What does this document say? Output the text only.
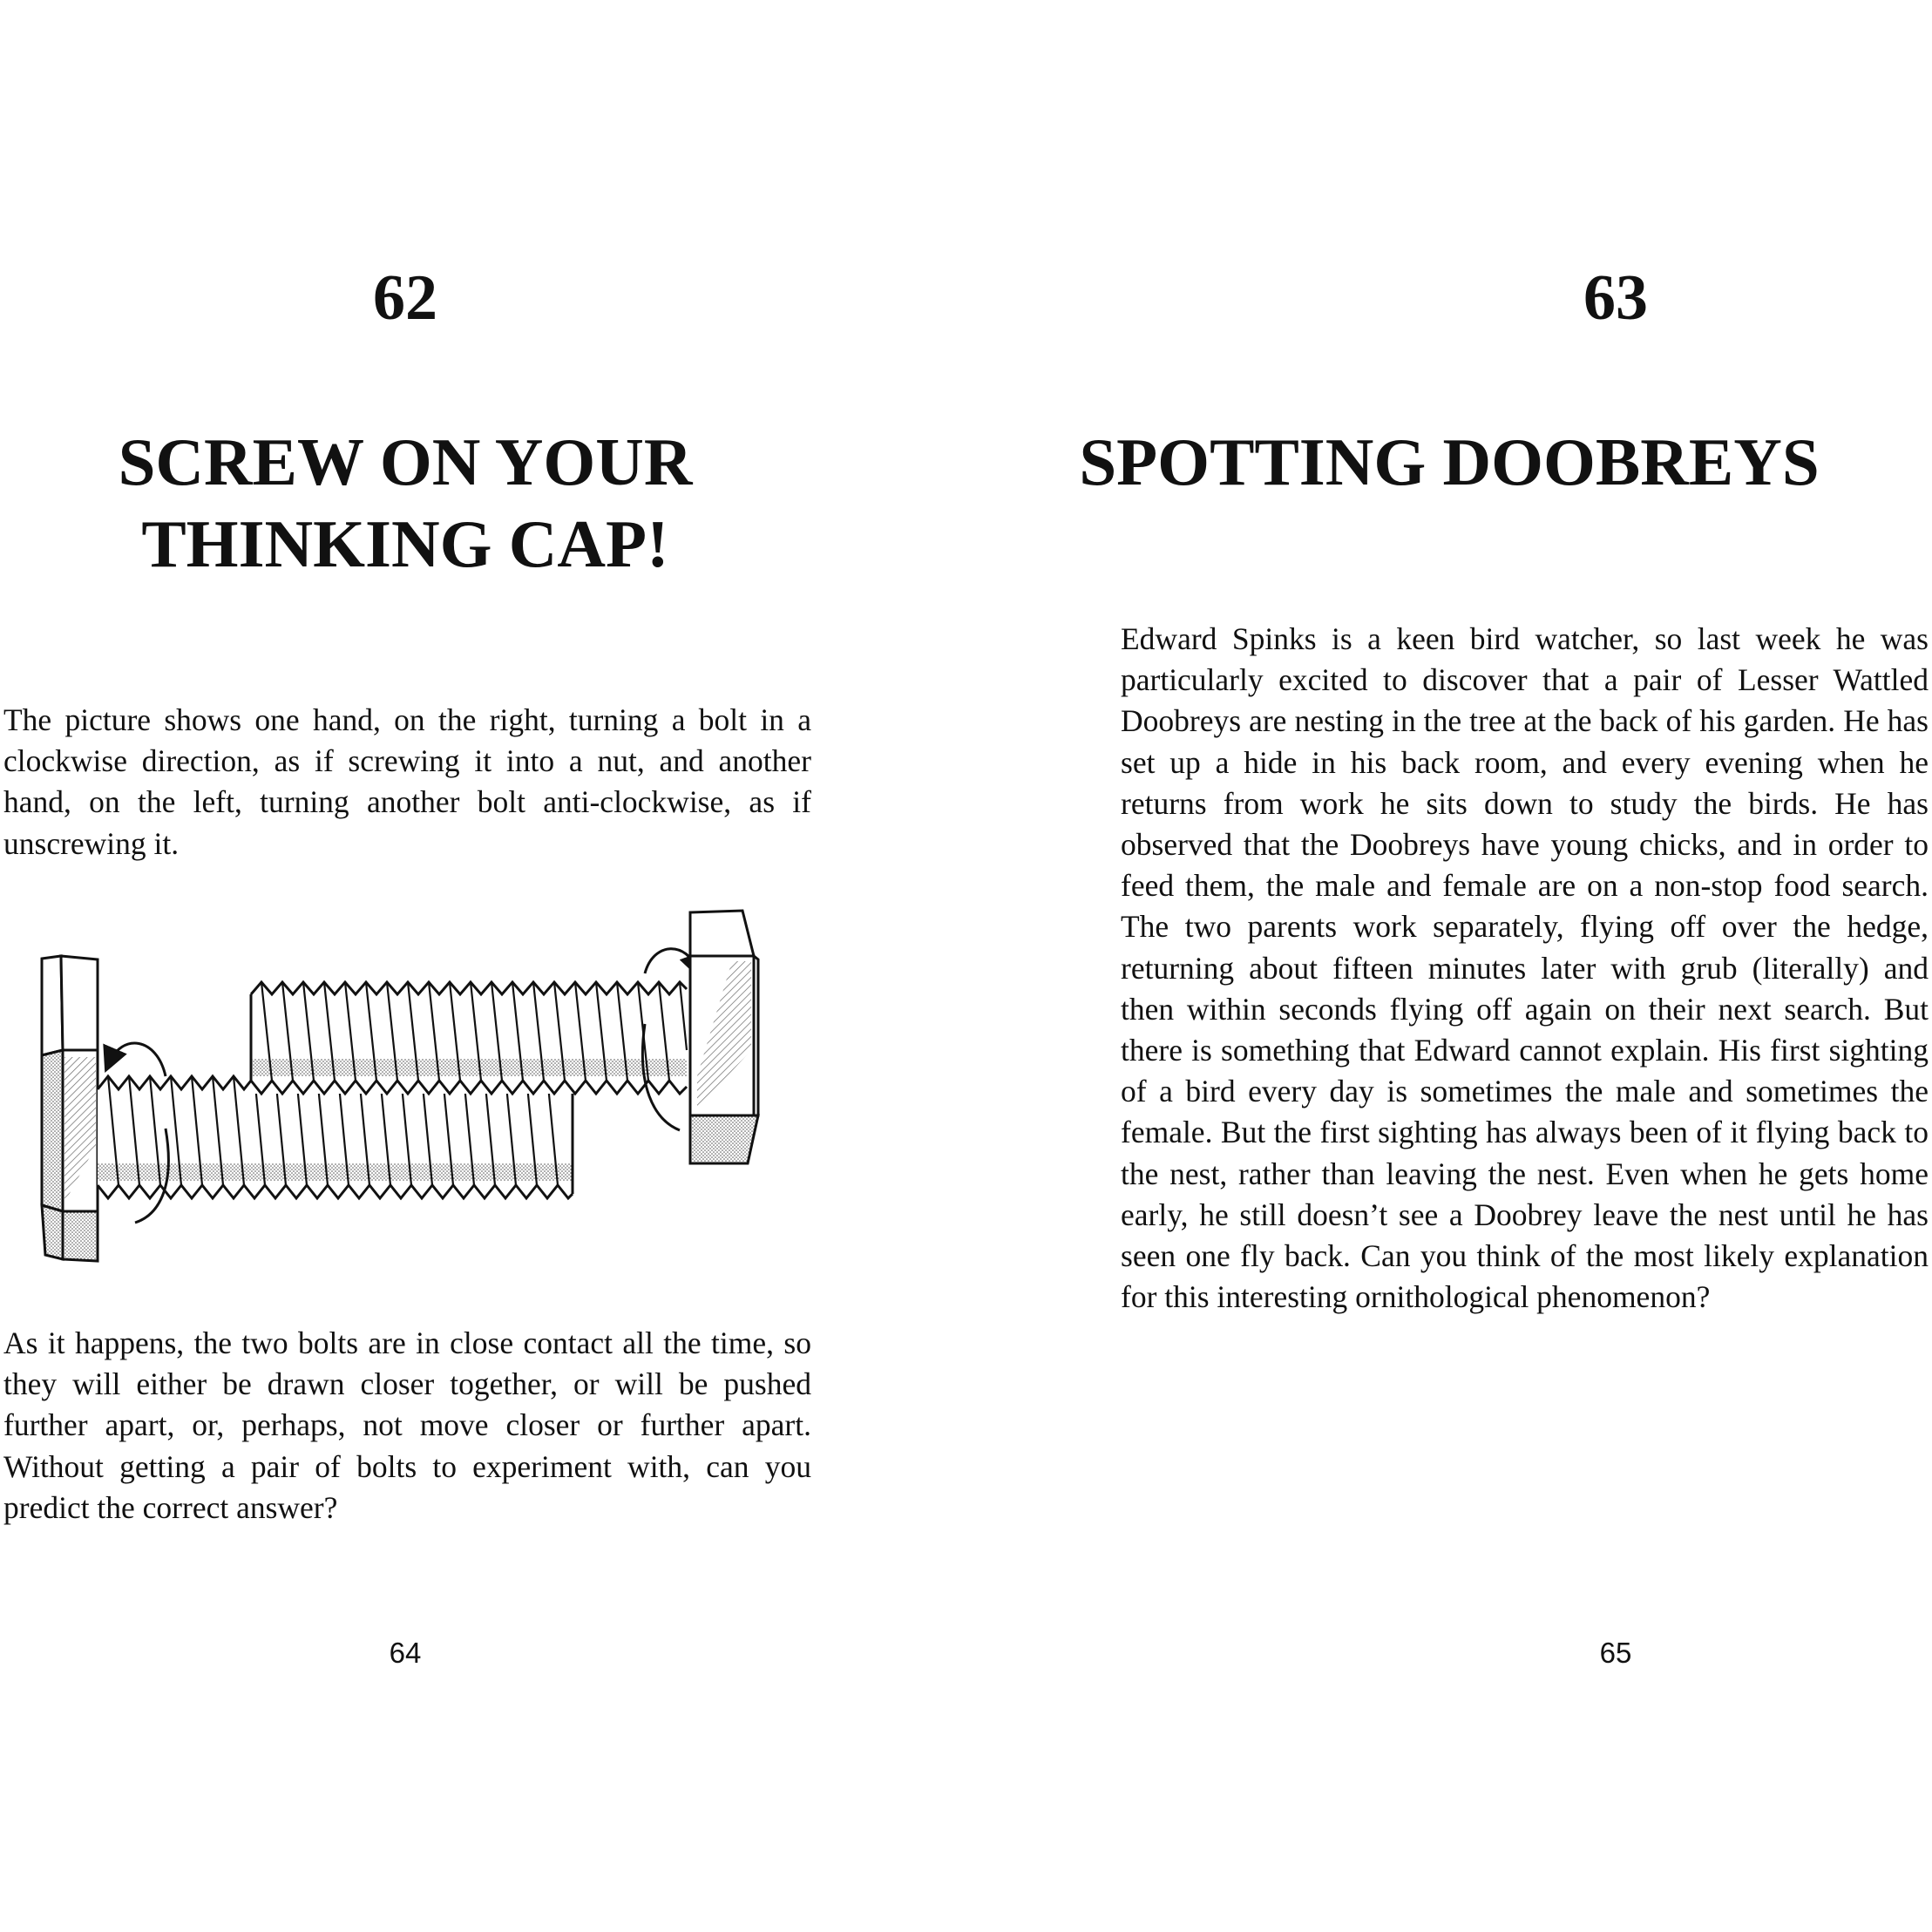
62
SCREW ON YOUR
THINKING CAP!

The picture shows one hand, on the right, turning a bolt in a clockwise direction, as if screwing it into a nut, and another hand, on the left, turning another bolt anti-clockwise, as if unscrewing it.

As it happens, the two bolts are in close contact all the time, so they will either be drawn closer together, or will be pushed further apart, or, perhaps, not move closer or further apart. Without getting a pair of bolts to experiment with, can you predict the correct answer?

64
63
SPOTTING DOOBREYS

Edward Spinks is a keen bird watcher, so last week he was particularly excited to discover that a pair of Lesser Wattled Doobreys are nesting in the tree at the back of his garden. He has set up a hide in his back room, and every evening when he returns from work he sits down to study the birds. He has observed that the Doobreys have young chicks, and in order to feed them, the male and female are on a non-stop food search. The two parents work separately, flying off over the hedge, returning about fifteen minutes later with grub (literally) and then within seconds flying off again on their next search. But there is something that Edward cannot explain. His first sighting of a bird every day is sometimes the male and sometimes the female. But the first sighting has always been of it flying back to the nest, rather than leaving the nest. Even when he gets home early, he still doesn’t see a Doobrey leave the nest until he has seen one fly back. Can you think of the most likely explanation for this interesting ornithological phenomenon?

65
